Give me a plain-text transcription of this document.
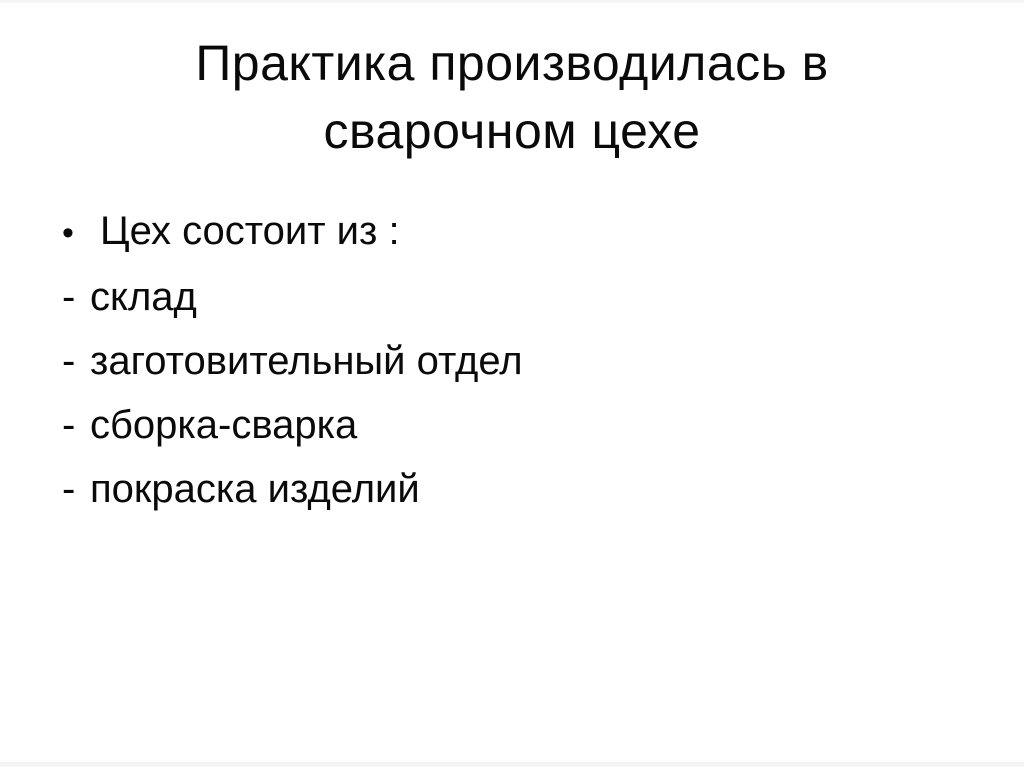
Практика производилась в
сварочном цехе
• Цех состоит из :
- склад
- заготовительный отдел
- сборка-сварка
- покраска изделий
